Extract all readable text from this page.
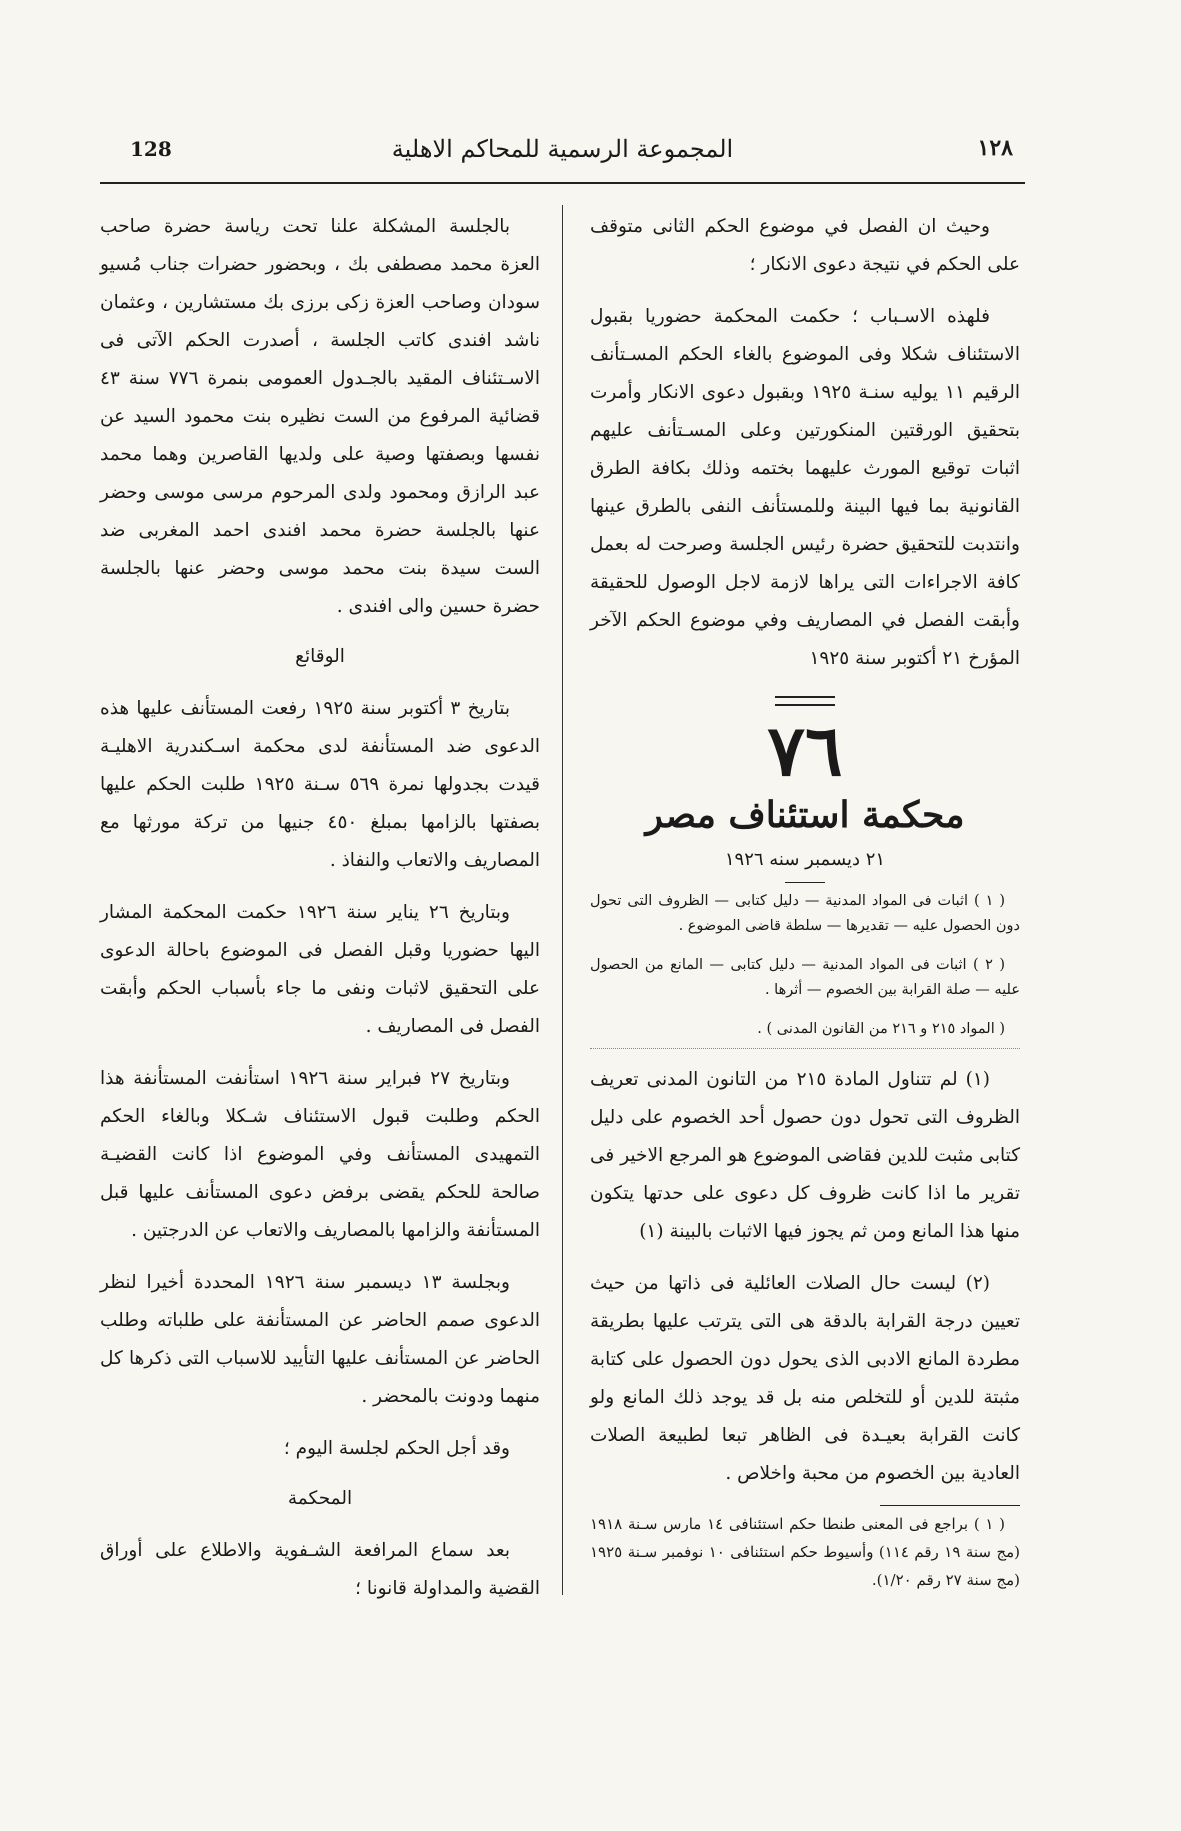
128	المجموعة الرسمية للمحاكم الاهلية	١٢٨

وحيث ان الفصل في موضوع الحكم الثانى متوقف على الحكم في نتيجة دعوى الانكار ؛

فلهذه الاسـباب ؛ حكمت المحكمة حضوريا بقبول الاستئناف شكلا وفى الموضوع بالغاء الحكم المسـتأنف الرقيم ١١ يوليه سنـة ١٩٢٥ وبقبول دعوى الانكار وأمرت بتحقيق الورقتين المنكورتين وعلى المسـتأنف عليهم اثبات توقيع المورث عليهما بختمه وذلك بكافة الطرق القانونية بما فيها البينة وللمستأنف النفى بالطرق عينها وانتدبت للتحقيق حضرة رئيس الجلسة وصرحت له بعمل كافة الاجراءات التى يراها لازمة لاجل الوصول للحقيقة وأبقت الفصل في المصاريف وفي موضوع الحكم الآخر المؤرخ ٢١ أكتوبر سنة ١٩٢٥

٧٦
محكمة استئناف مصر
٢١ ديسمبر سنه ١٩٢٦

( ١ ) اثبات فى المواد المدنية — دليل كتابى — الظروف التى تحول دون الحصول عليه — تقديرها — سلطة قاضى الموضوع .

( ٢ ) اثبات فى المواد المدنية — دليل كتابى — المانع من الحصول عليه — صلة القرابة بين الخصوم — أثرها .

( المواد ٢١٥ و ٢١٦ من القانون المدنى ) .

(١) لم تتناول المادة ٢١٥ من التانون المدنى تعريف الظروف التى تحول دون حصول أحد الخصوم على دليل كتابى مثبت للدين فقاضى الموضوع هو المرجع الاخير فى تقرير ما اذا كانت ظروف كل دعوى على حدتها يتكون منها هذا المانع ومن ثم يجوز فيها الاثبات بالبينة (١)

(٢) ليست حال الصلات العائلية فى ذاتها من حيث تعيين درجة القرابة بالدقة هى التى يترتب عليها بطريقة مطردة المانع الادبى الذى يحول دون الحصول على كتابة مثبتة للدين أو للتخلص منه بل قد يوجد ذلك المانع ولو كانت القرابة بعيـدة فى الظاهر تبعا لطبيعة الصلات العادية بين الخصوم من محبة واخلاص .

( ١ ) براجع فى المعنى طنطا حكم استئنافى ١٤ مارس سـنة ١٩١٨ (مج سنة ١٩ رقم ١١٤) وأسيوط حكم استئنافى ١٠ نوفمبر سـنة ١٩٢٥ (مج سنة ٢٧ رقم ١/٢٠).

بالجلسة المشكلة علنا تحت رياسة حضرة صاحب العزة محمد مصطفى بك ، وبحضور حضرات جناب مُسيو سودان وصاحب العزة زكى برزى بك مستشارين ، وعثمان ناشد افندى كاتب الجلسة ، أصدرت الحكم الآتى فى الاسـتئناف المقيد بالجـدول العمومى بنمرة ٧٧٦ سنة ٤٣ قضائية المرفوع من الست نظيره بنت محمود السيد عن نفسها وبصفتها وصية على ولديها القاصرين وهما محمد عبد الرازق ومحمود ولدى المرحوم مرسى موسى وحضر عنها بالجلسة حضرة محمد افندى احمد المغربى ضد الست سيدة بنت محمد موسى وحضر عنها بالجلسة حضرة حسين والى افندى .

الوقائع

بتاريخ ٣ أكتوبر سنة ١٩٢٥ رفعت المستأنف عليها هذه الدعوى ضد المستأنفة لدى محكمة اسـكندرية الاهليـة قيدت بجدولها نمرة ٥٦٩ سـنة ١٩٢٥ طلبت الحكم عليها بصفتها بالزامها بمبلغ ٤٥٠ جنيها من تركة مورثها مع المصاريف والاتعاب والنفاذ .

وبتاريخ ٢٦ يناير سنة ١٩٢٦ حكمت المحكمة المشار اليها حضوريا وقبل الفصل فى الموضوع باحالة الدعوى على التحقيق لاثبات ونفى ما جاء بأسباب الحكم وأبقت الفصل فى المصاريف .

وبتاريخ ٢٧ فبراير سنة ١٩٢٦ استأنفت المستأنفة هذا الحكم وطلبت قبول الاستئناف شـكلا وبالغاء الحكم التمهيدى المستأنف وفي الموضوع اذا كانت القضيـة صالحة للحكم يقضى برفض دعوى المستأنف عليها قبل المستأنفة والزامها بالمصاريف والاتعاب عن الدرجتين .

وبجلسة ١٣ ديسمبر سنة ١٩٢٦ المحددة أخيرا لنظر الدعوى صمم الحاضر عن المستأنفة على طلباته وطلب الحاضر عن المستأنف عليها التأييد للاسباب التى ذكرها كل منهما ودونت بالمحضر .

وقد أجل الحكم لجلسة اليوم ؛

المحكمة

بعد سماع المرافعة الشـفوية والاطلاع على أوراق القضية والمداولة قانونا ؛
